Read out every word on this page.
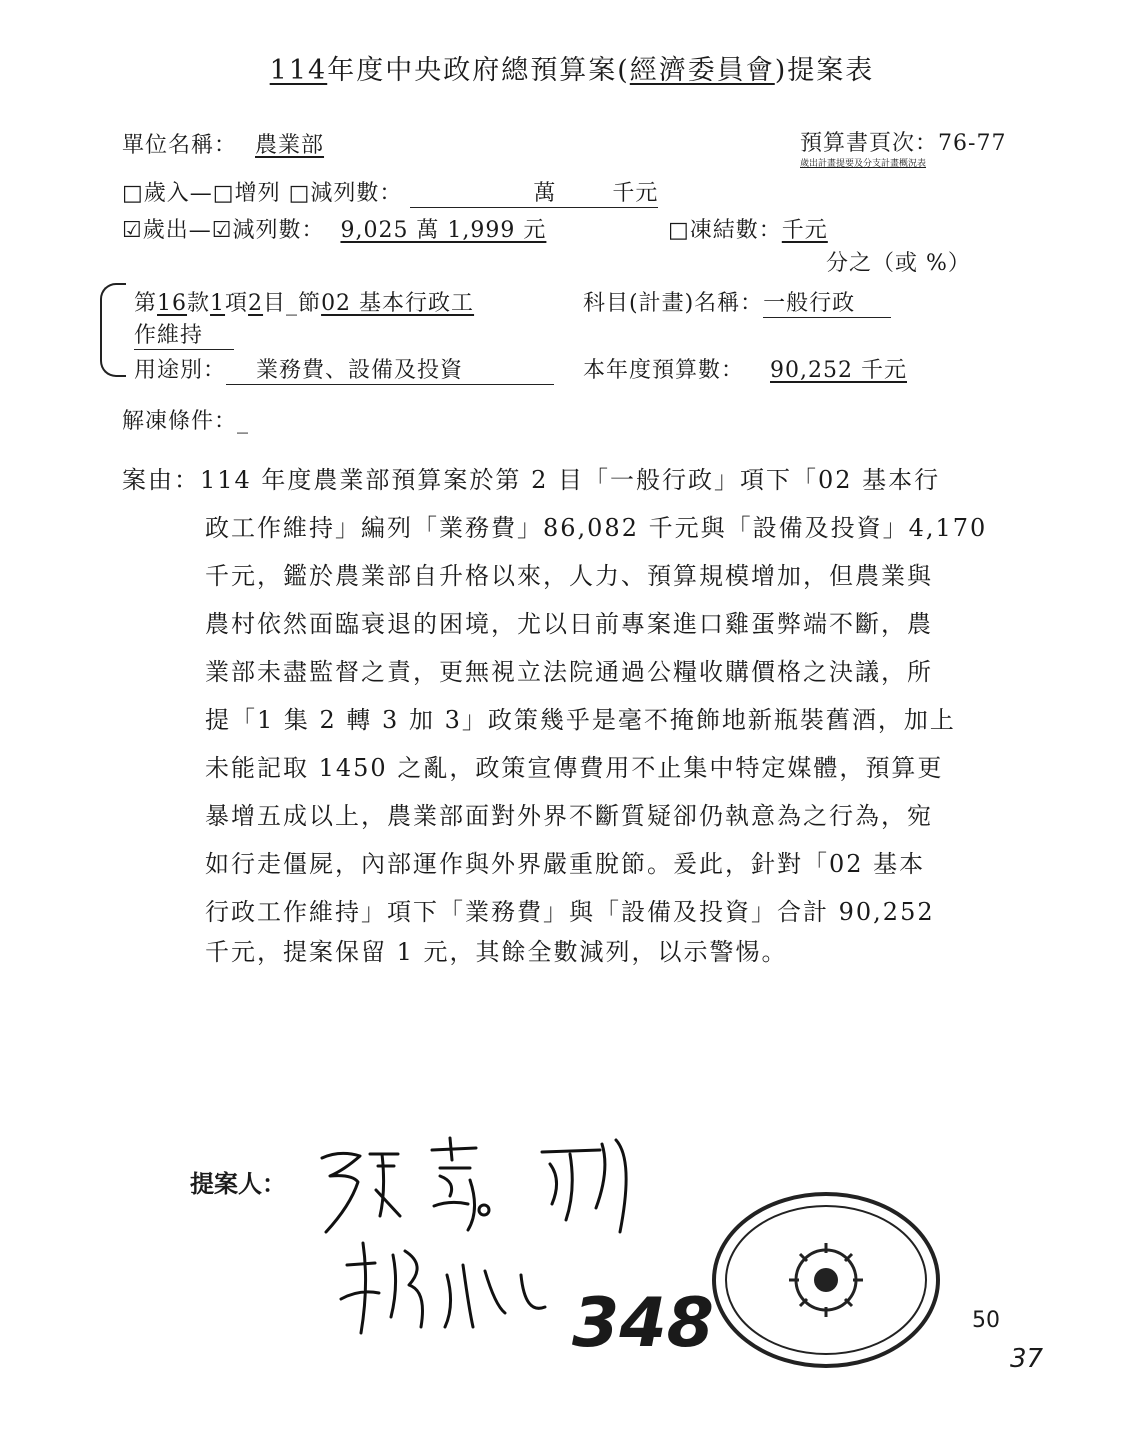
114年度中央政府總預算案(經濟委員會)提案表
單位名稱： 農業部	預算書頁次：76-77
歲出計畫提要及分支計畫概況表
□歲入—□增列 □減列數：	萬	千元
☑歲出—☑減列數： 9,025 萬 1,999 元	□凍結數：千元
分之（或 %）
第16款1項2目_節02 基本行政工	科目(計畫)名稱：一般行政
作維持
用途別： 業務費、設備及投資	本年度預算數： 90,252 千元
解凍條件：_
案由：114 年度農業部預算案於第 2 目「一般行政」項下「02 基本行
政工作維持」編列「業務費」86,082 千元與「設備及投資」4,170
千元，鑑於農業部自升格以來，人力、預算規模增加，但農業與
農村依然面臨衰退的困境，尤以日前專案進口雞蛋弊端不斷，農
業部未盡監督之責，更無視立法院通過公糧收購價格之決議，所
提「1 集 2 轉 3 加 3」政策幾乎是毫不掩飾地新瓶裝舊酒，加上
未能記取 1450 之亂，政策宣傳費用不止集中特定媒體，預算更
暴增五成以上，農業部面對外界不斷質疑卻仍執意為之行為，宛
如行走僵屍，內部運作與外界嚴重脫節。爰此，針對「02 基本
行政工作維持」項下「業務費」與「設備及投資」合計 90,252
千元，提案保留 1 元，其餘全數減列，以示警惕。
提案人：
348	50
37
